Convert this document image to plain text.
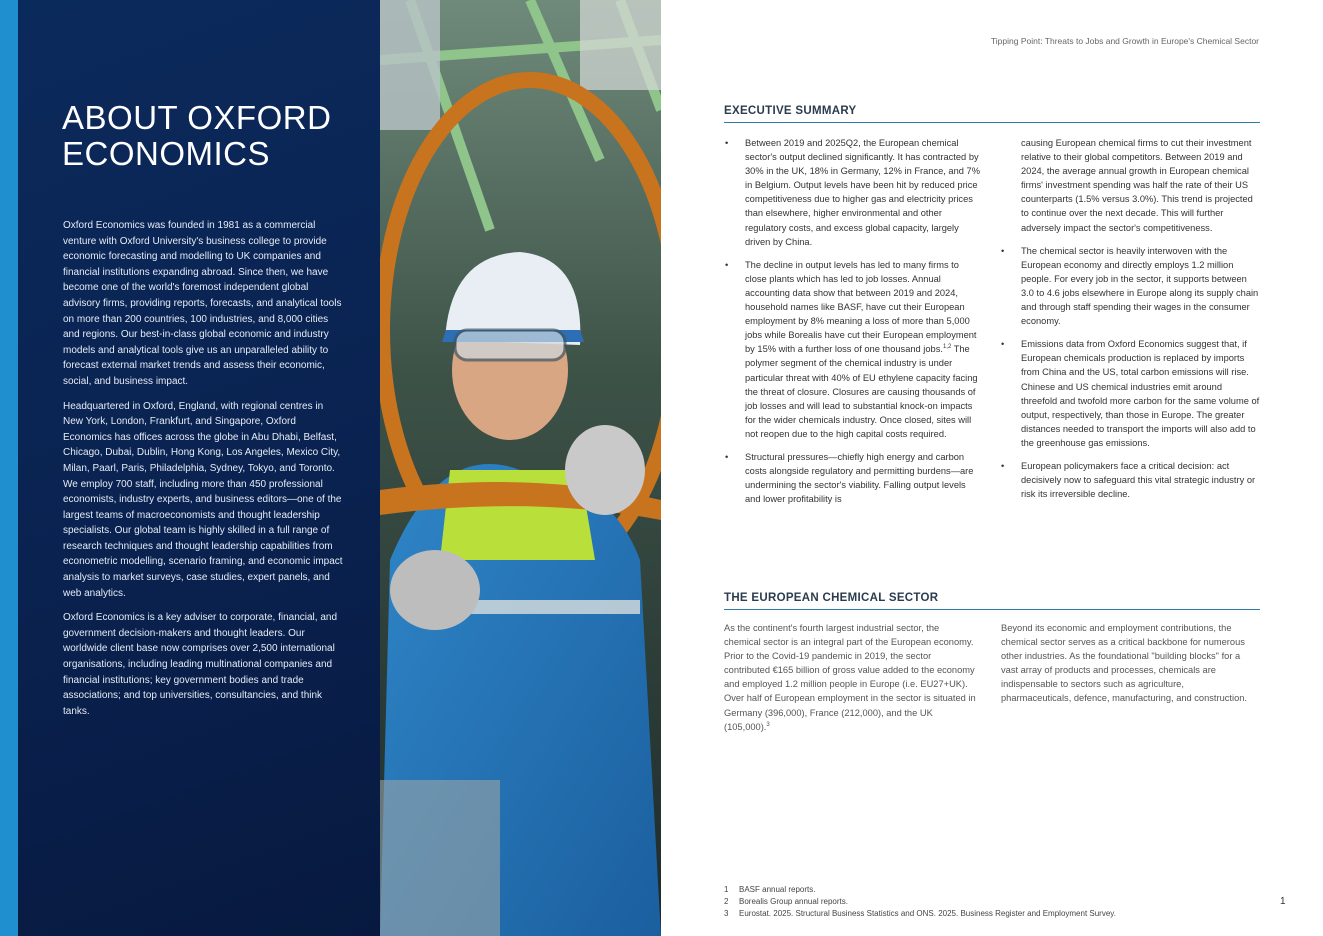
ABOUT OXFORD ECONOMICS

Oxford Economics was founded in 1981 as a commercial venture with Oxford University's business college to provide economic forecasting and modelling to UK companies and financial institutions expanding abroad. Since then, we have become one of the world's foremost independent global advisory firms, providing reports, forecasts, and analytical tools on more than 200 countries, 100 industries, and 8,000 cities and regions. Our best-in-class global economic and industry models and analytical tools give us an unparalleled ability to forecast external market trends and assess their economic, social, and business impact.

Headquartered in Oxford, England, with regional centres in New York, London, Frankfurt, and Singapore, Oxford Economics has offices across the globe in Abu Dhabi, Belfast, Chicago, Dubai, Dublin, Hong Kong, Los Angeles, Mexico City, Milan, Paarl, Paris, Philadelphia, Sydney, Tokyo, and Toronto. We employ 700 staff, including more than 450 professional economists, industry experts, and business editors—one of the largest teams of macroeconomists and thought leadership specialists. Our global team is highly skilled in a full range of research techniques and thought leadership capabilities from econometric modelling, scenario framing, and economic impact analysis to market surveys, case studies, expert panels, and web analytics.

Oxford Economics is a key adviser to corporate, financial, and government decision-makers and thought leaders. Our worldwide client base now comprises over 2,500 international organisations, including leading multinational companies and financial institutions; key government bodies and trade associations; and top universities, consultancies, and think tanks.

Tipping Point: Threats to Jobs and Growth in Europe's Chemical Sector
EXECUTIVE SUMMARY
• Between 2019 and 2025Q2, the European chemical sector's output declined significantly. It has contracted by 30% in the UK, 18% in Germany, 12% in France, and 7% in Belgium. Output levels have been hit by reduced price competitiveness due to higher gas and electricity prices than elsewhere, higher environmental and other regulatory costs, and excess global capacity, largely driven by China.
• The decline in output levels has led to many firms to close plants which has led to job losses. Annual accounting data show that between 2019 and 2024, household names like BASF, have cut their European employment by 8% meaning a loss of more than 5,000 jobs while Borealis have cut their European employment by 15% with a further loss of one thousand jobs.$^{1,2}$ The polymer segment of the chemical industry is under particular threat with 40% of EU ethylene capacity facing the threat of closure. Closures are causing thousands of job losses and will lead to substantial knock-on impacts for the wider chemicals industry. Once closed, sites will not reopen due to the high capital costs required.
• Structural pressures—chiefly high energy and carbon costs alongside regulatory and permitting burdens—are undermining the sector's viability. Falling output levels and lower profitability is
causing European chemical firms to cut their investment relative to their global competitors. Between 2019 and 2024, the average annual growth in European chemical firms' investment spending was half the rate of their US counterparts (1.5% versus 3.0%). This trend is projected to continue over the next decade. This will further adversely impact the sector's competitiveness.
• The chemical sector is heavily interwoven with the European economy and directly employs 1.2 million people. For every job in the sector, it supports between 3.0 to 4.6 jobs elsewhere in Europe along its supply chain and through staff spending their wages in the consumer economy.
• Emissions data from Oxford Economics suggest that, if European chemicals production is replaced by imports from China and the US, total carbon emissions will rise. Chinese and US chemical industries emit around threefold and twofold more carbon for the same volume of output, respectively, than those in Europe. The greater distances needed to transport the imports will also add to the greenhouse gas emissions.
• European policymakers face a critical decision: act decisively now to safeguard this vital strategic industry or risk its irreversible decline.
THE EUROPEAN CHEMICAL SECTOR
As the continent's fourth largest industrial sector, the chemical sector is an integral part of the European economy. Prior to the Covid-19 pandemic in 2019, the sector contributed €165 billion of gross value added to the economy and employed 1.2 million people in Europe (i.e. EU27+UK). Over half of European employment in the sector is situated in Germany (396,000), France (212,000), and the UK (105,000).$^3$
Beyond its economic and employment contributions, the chemical sector serves as a critical backbone for numerous other industries. As the foundational "building blocks" for a vast array of products and processes, chemicals are indispensable to sectors such as agriculture, pharmaceuticals, defence, manufacturing, and construction.
1 BASF annual reports.
2 Borealis Group annual reports.
3 Eurostat. 2025. Structural Business Statistics and ONS. 2025. Business Register and Employment Survey.
1
